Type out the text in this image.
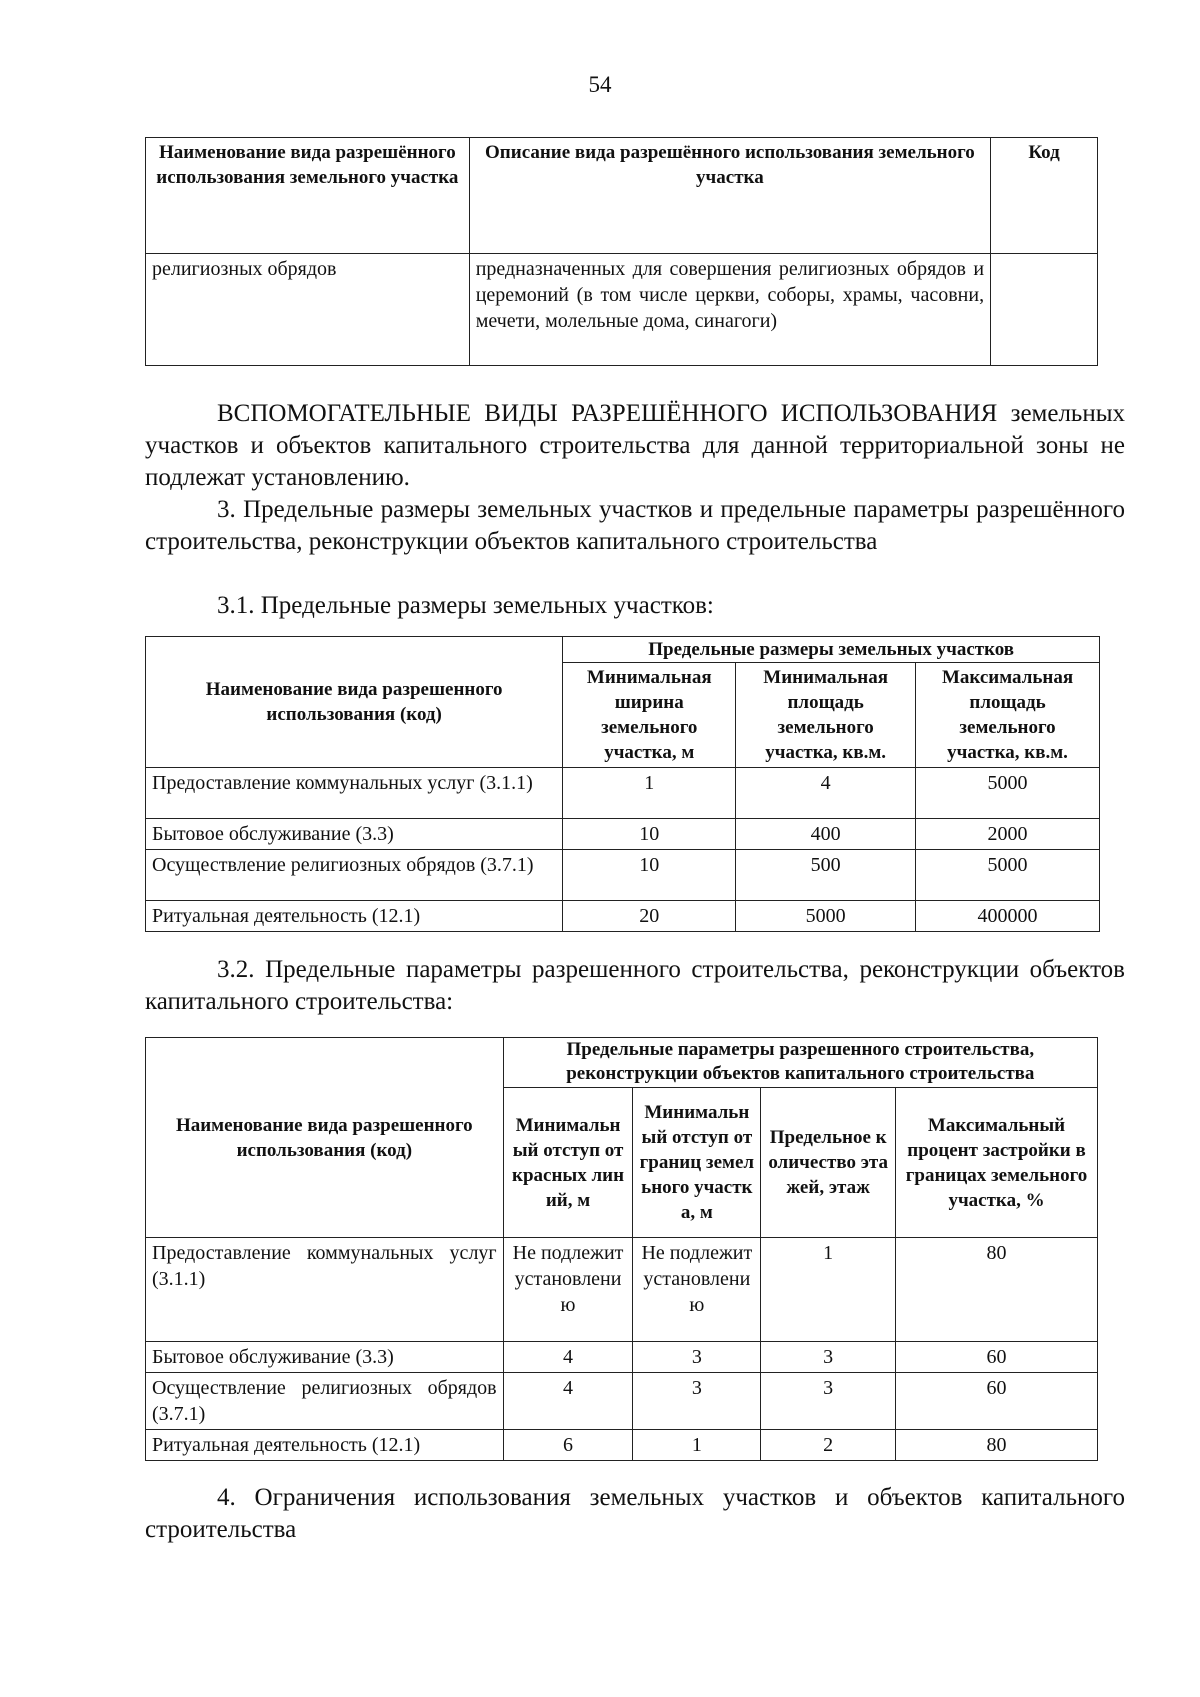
54
Наименование вида разрешённого использования земельного участка	Описание вида разрешённого использования земельного участка	Код
религиозных обрядов	предназначенных для совершения религиозных обрядов и церемоний (в том числе церкви, соборы, храмы, часовни, мечети, молельные дома, синагоги)	

ВСПОМОГАТЕЛЬНЫЕ ВИДЫ РАЗРЕШЁННОГО ИСПОЛЬЗОВАНИЯ земельных участков и объектов капитального строительства для данной территориальной зоны не подлежат установлению.

3. Предельные размеры земельных участков и предельные параметры разрешённого строительства, реконструкции объектов капитального строительства

3.1. Предельные размеры земельных участков:

Наименование вида разрешенного использования (код)	Предельные размеры земельных участков		
	Минимальная ширина земельного участка, м	Минимальная площадь земельного участка, кв.м.	Максимальная площадь земельного участка, кв.м.
Предоставление коммунальных услуг (3.1.1)	1	4	5000
Бытовое обслуживание (3.3)	10	400	2000
Осуществление религиозных обрядов (3.7.1)	10	500	5000
Ритуальная деятельность (12.1)	20	5000	400000

3.2. Предельные параметры разрешенного строительства, реконструкции объектов капитального строительства:

Наименование вида разрешенного использования (код)	Предельные параметры разрешенного строительства, реконструкции объектов капитального строительства			
	Минимальный отступ от красных линий, м	Минимальный отступ от границ земельного участка, м	Предельное количество этажей, этаж	Максимальный процент застройки в границах земельного участка, %
Предоставление коммунальных услуг (3.1.1)	Не подлежит установлению	Не подлежит установлению	1	80
Бытовое обслуживание (3.3)	4	3	3	60
Осуществление религиозных обрядов (3.7.1)	4	3	3	60
Ритуальная деятельность (12.1)	6	1	2	80

4. Ограничения использования земельных участков и объектов капитального строительства
